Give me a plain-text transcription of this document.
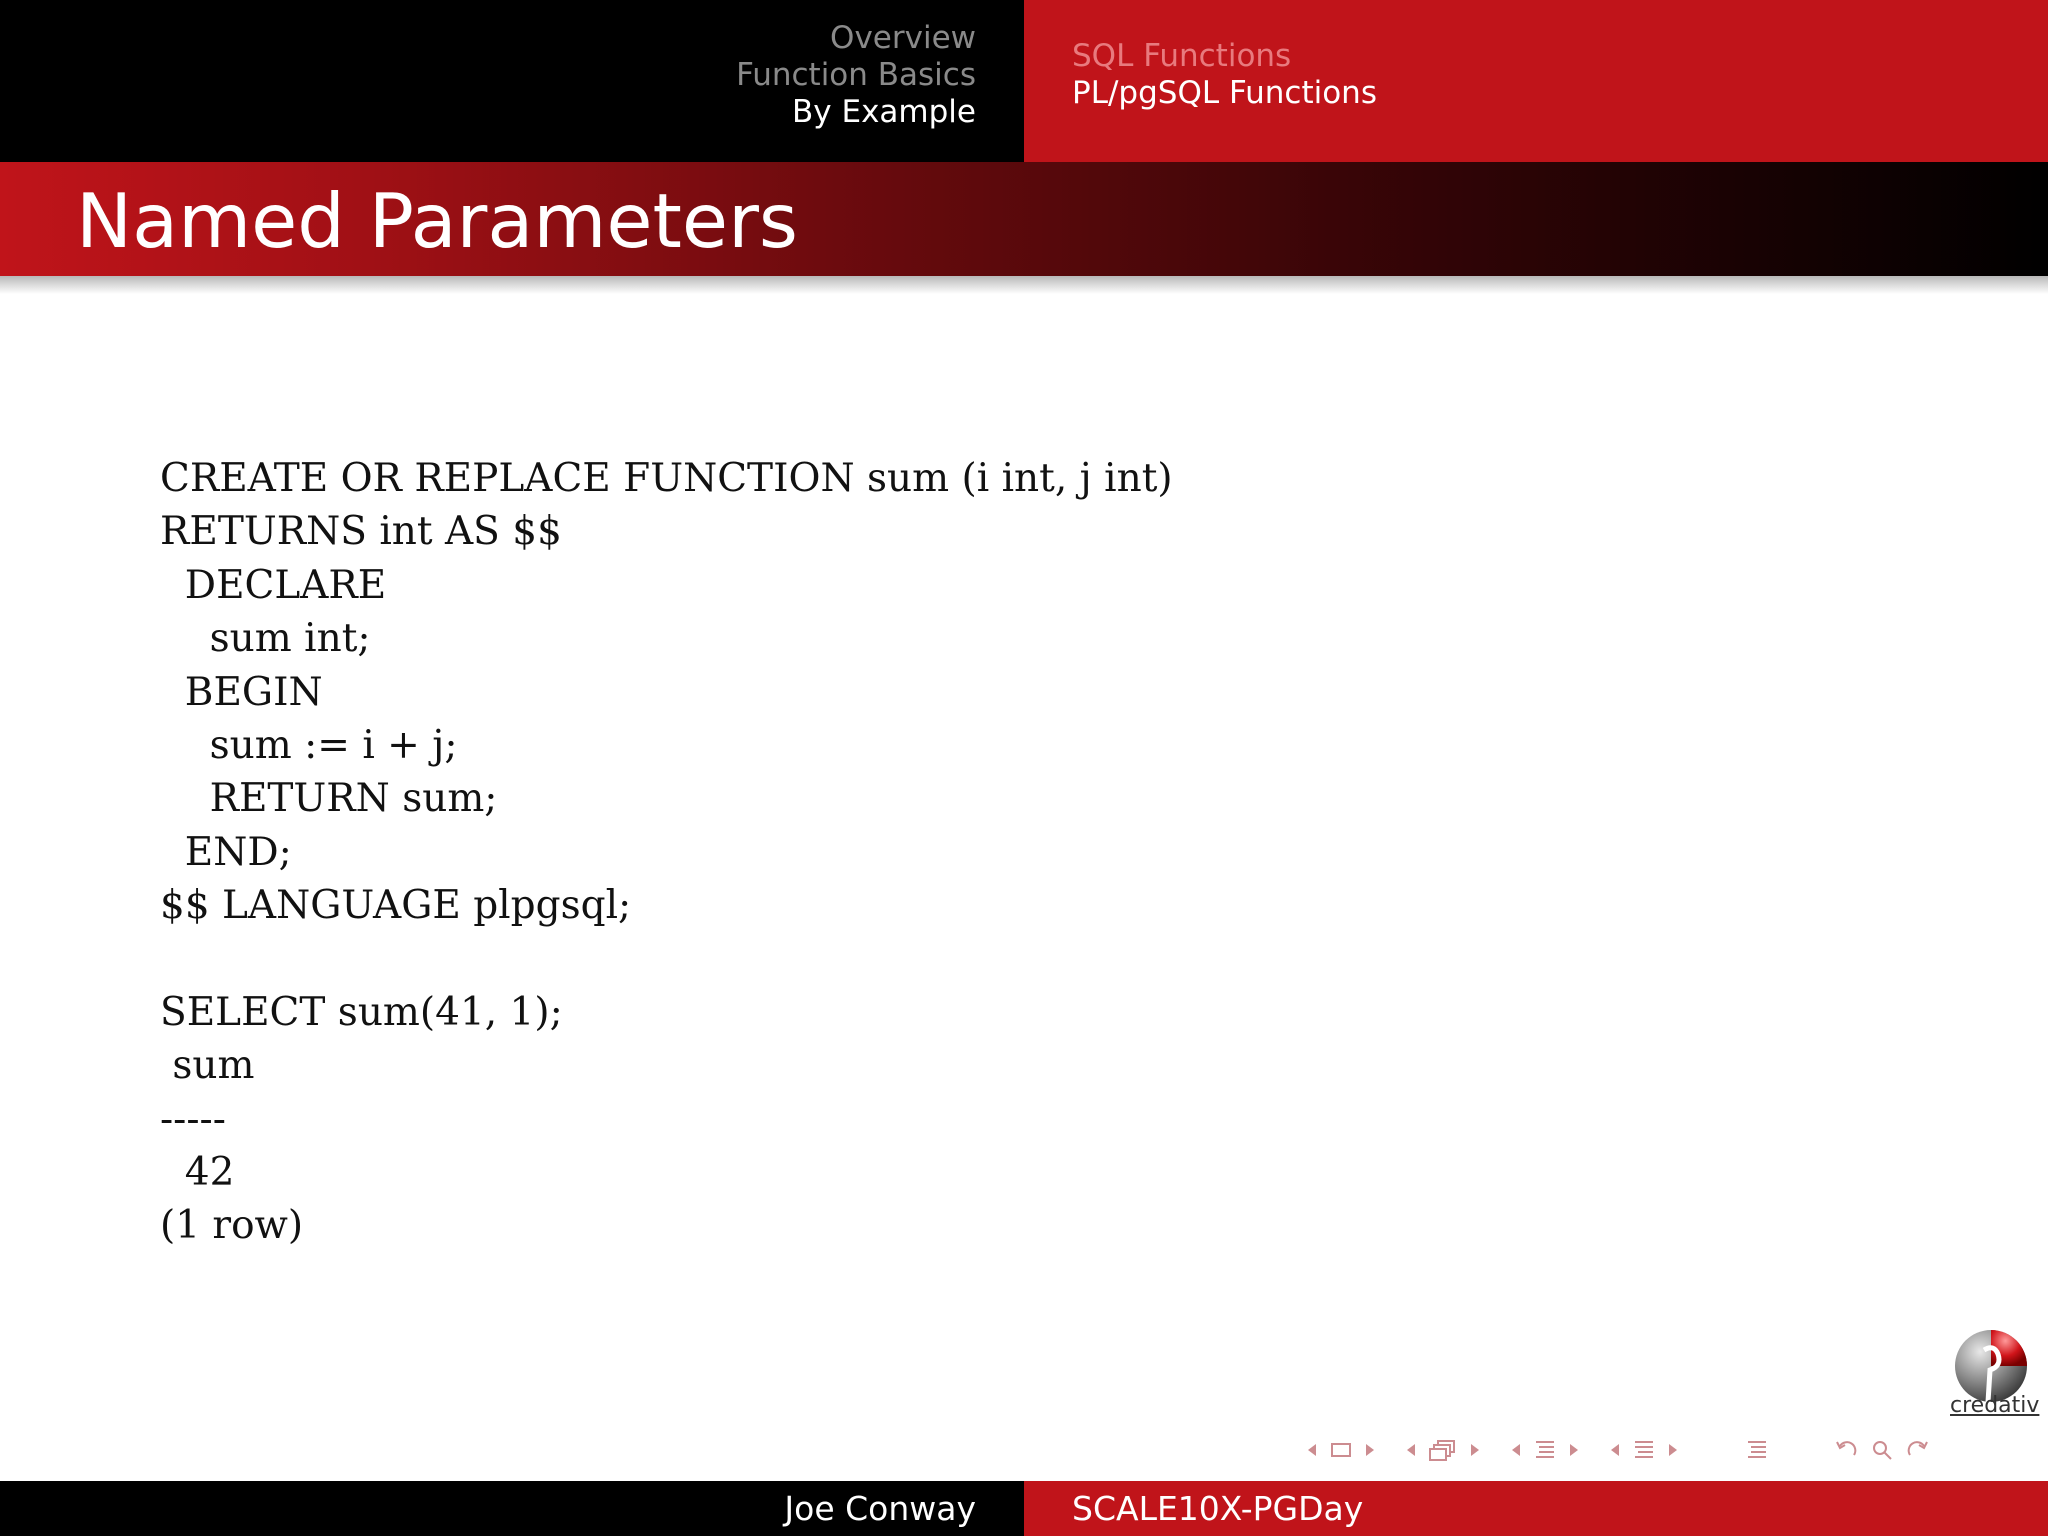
Overview
Function Basics
By Example
SQL Functions
PL/pgSQL Functions
Named Parameters
CREATE OR REPLACE FUNCTION sum (i int, j int)
RETURNS int AS $$
DECLARE
sum int;
BEGIN
sum := i + j;
RETURN sum;
END;
$$ LANGUAGE plpgsql;
SELECT sum(41, 1);
sum
-----
42
(1 row)
credativ
Joe Conway	SCALE10X-PGDay
